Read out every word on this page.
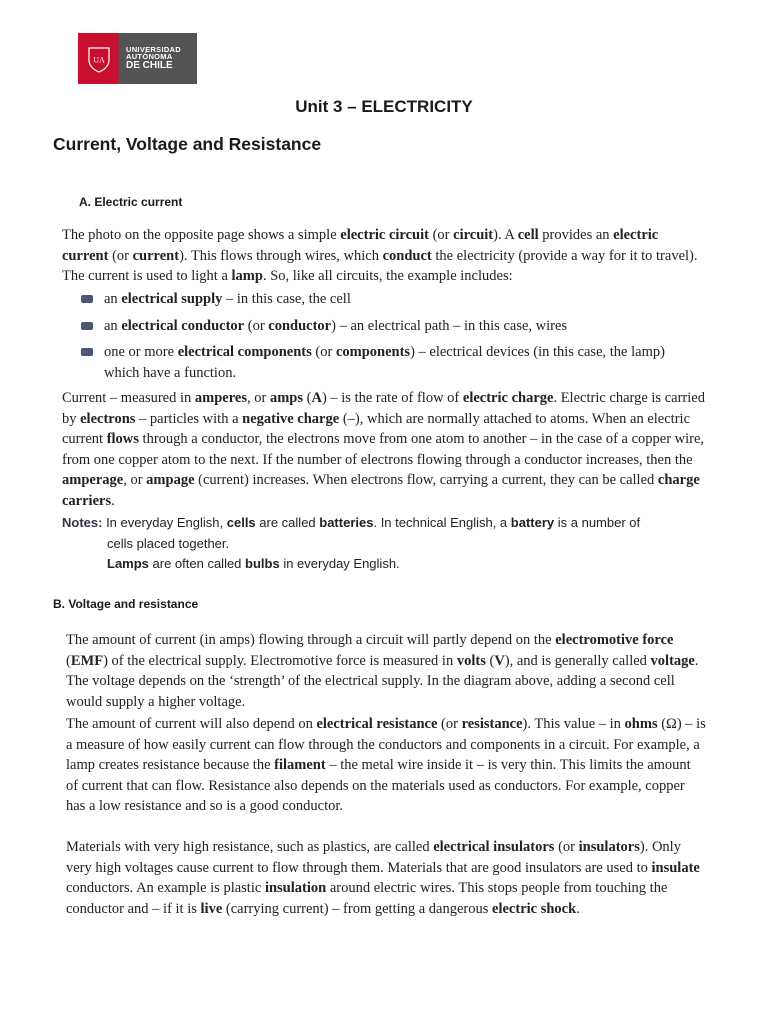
UA
UNIVERSIDAD
AUTÓNOMA
DE CHILE
Unit 3 – ELECTRICITY
Current, Voltage and Resistance
A. Electric current

The photo on the opposite page shows a simple electric circuit (or circuit). A cell provides an electric current (or current). This flows through wires, which conduct the electricity (provide a way for it to travel). The current is used to light a lamp. So, like all circuits, the example includes:

an electrical supply – in this case, the cell
an electrical conductor (or conductor) – an electrical path – in this case, wires
one or more electrical components (or components) – electrical devices (in this case, the lamp) which have a function.

Current – measured in amperes, or amps (A) – is the rate of flow of electric charge. Electric charge is carried by electrons – particles with a negative charge (–), which are normally attached to atoms. When an electric current flows through a conductor, the electrons move from one atom to another – in the case of a copper wire, from one copper atom to the next. If the number of electrons flowing through a conductor increases, then the amperage, or ampage (current) increases. When electrons flow, carrying a current, they can be called charge carriers.

Notes: In everyday English, cells are called batteries. In technical English, a battery is a number of
cells placed together.
Lamps are often called bulbs in everyday English.
B. Voltage and resistance

The amount of current (in amps) flowing through a circuit will partly depend on the electromotive force (EMF) of the electrical supply. Electromotive force is measured in volts (V), and is generally called voltage. The voltage depends on the ‘strength’ of the electrical supply. In the diagram above, adding a second cell would supply a higher voltage.

The amount of current will also depend on electrical resistance (or resistance). This value – in ohms (Ω) – is a measure of how easily current can flow through the conductors and components in a circuit. For example, a lamp creates resistance because the filament – the metal wire inside it – is very thin. This limits the amount of current that can flow. Resistance also depends on the materials used as conductors. For example, copper has a low resistance and so is a good conductor.

Materials with very high resistance, such as plastics, are called electrical insulators (or insulators). Only very high voltages cause current to flow through them. Materials that are good insulators are used to insulate conductors. An example is plastic insulation around electric wires. This stops people from touching the conductor and – if it is live (carrying current) – from getting a dangerous electric shock.
